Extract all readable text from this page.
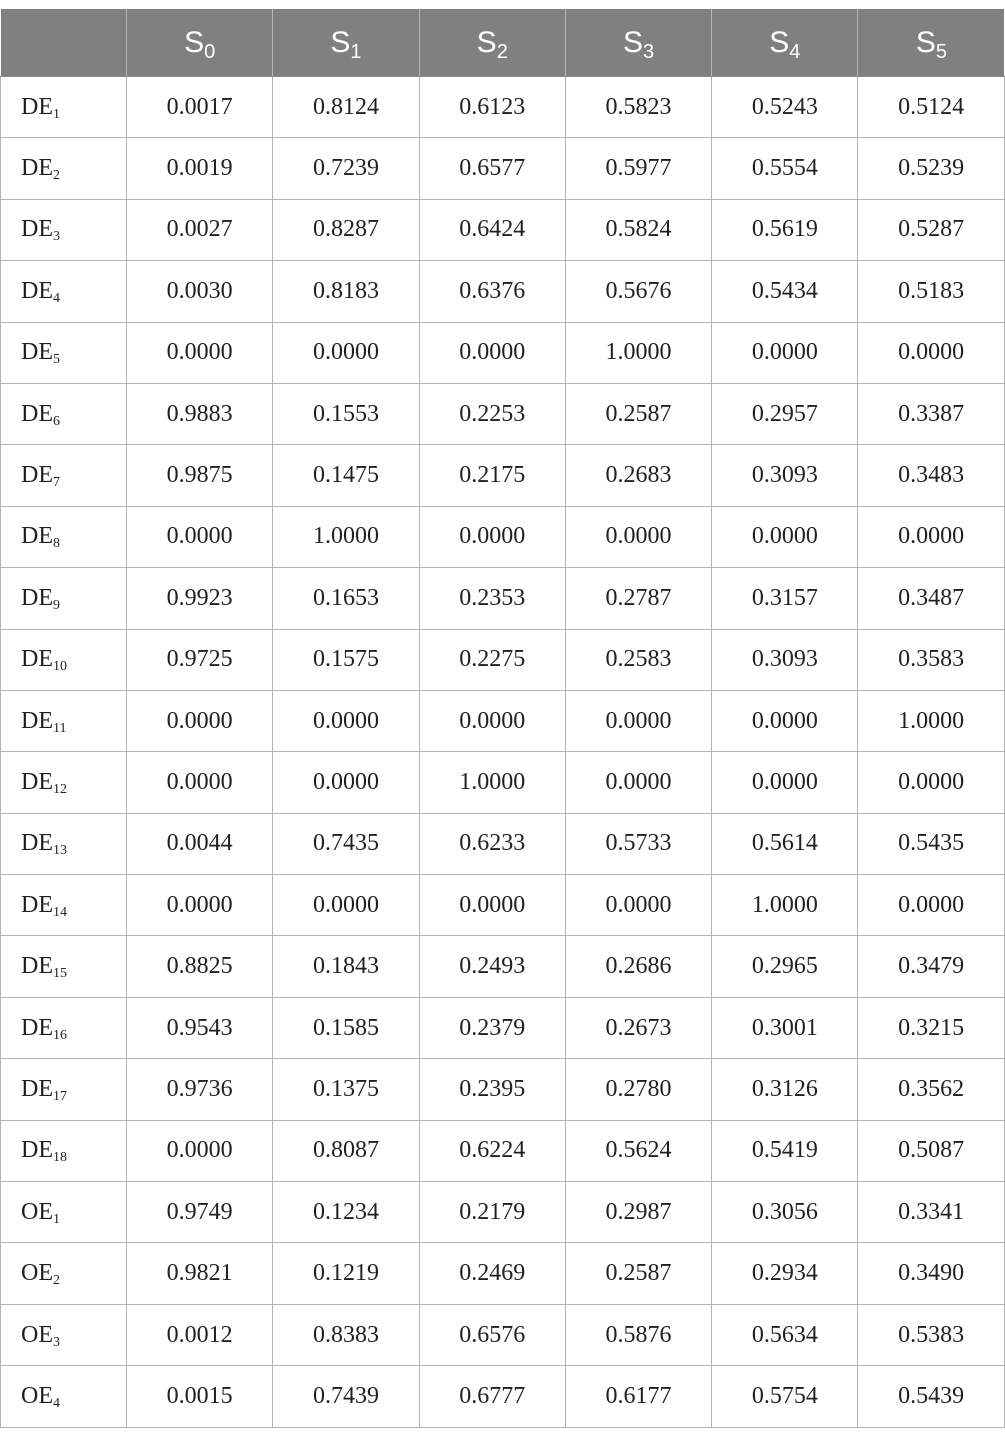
	$S_0$	$S_1$	$S_2$	$S_3$	$S_4$	$S_5$
$DE_1$	0.0017	0.8124	0.6123	0.5823	0.5243	0.5124
$DE_2$	0.0019	0.7239	0.6577	0.5977	0.5554	0.5239
$DE_3$	0.0027	0.8287	0.6424	0.5824	0.5619	0.5287
$DE_4$	0.0030	0.8183	0.6376	0.5676	0.5434	0.5183
$DE_5$	0.0000	0.0000	0.0000	1.0000	0.0000	0.0000
$DE_6$	0.9883	0.1553	0.2253	0.2587	0.2957	0.3387
$DE_7$	0.9875	0.1475	0.2175	0.2683	0.3093	0.3483
$DE_8$	0.0000	1.0000	0.0000	0.0000	0.0000	0.0000
$DE_9$	0.9923	0.1653	0.2353	0.2787	0.3157	0.3487
$DE_{10}$	0.9725	0.1575	0.2275	0.2583	0.3093	0.3583
$DE_{11}$	0.0000	0.0000	0.0000	0.0000	0.0000	1.0000
$DE_{12}$	0.0000	0.0000	1.0000	0.0000	0.0000	0.0000
$DE_{13}$	0.0044	0.7435	0.6233	0.5733	0.5614	0.5435
$DE_{14}$	0.0000	0.0000	0.0000	0.0000	1.0000	0.0000
$DE_{15}$	0.8825	0.1843	0.2493	0.2686	0.2965	0.3479
$DE_{16}$	0.9543	0.1585	0.2379	0.2673	0.3001	0.3215
$DE_{17}$	0.9736	0.1375	0.2395	0.2780	0.3126	0.3562
$DE_{18}$	0.0000	0.8087	0.6224	0.5624	0.5419	0.5087
$OE_1$	0.9749	0.1234	0.2179	0.2987	0.3056	0.3341
$OE_2$	0.9821	0.1219	0.2469	0.2587	0.2934	0.3490
$OE_3$	0.0012	0.8383	0.6576	0.5876	0.5634	0.5383
$OE_4$	0.0015	0.7439	0.6777	0.6177	0.5754	0.5439
